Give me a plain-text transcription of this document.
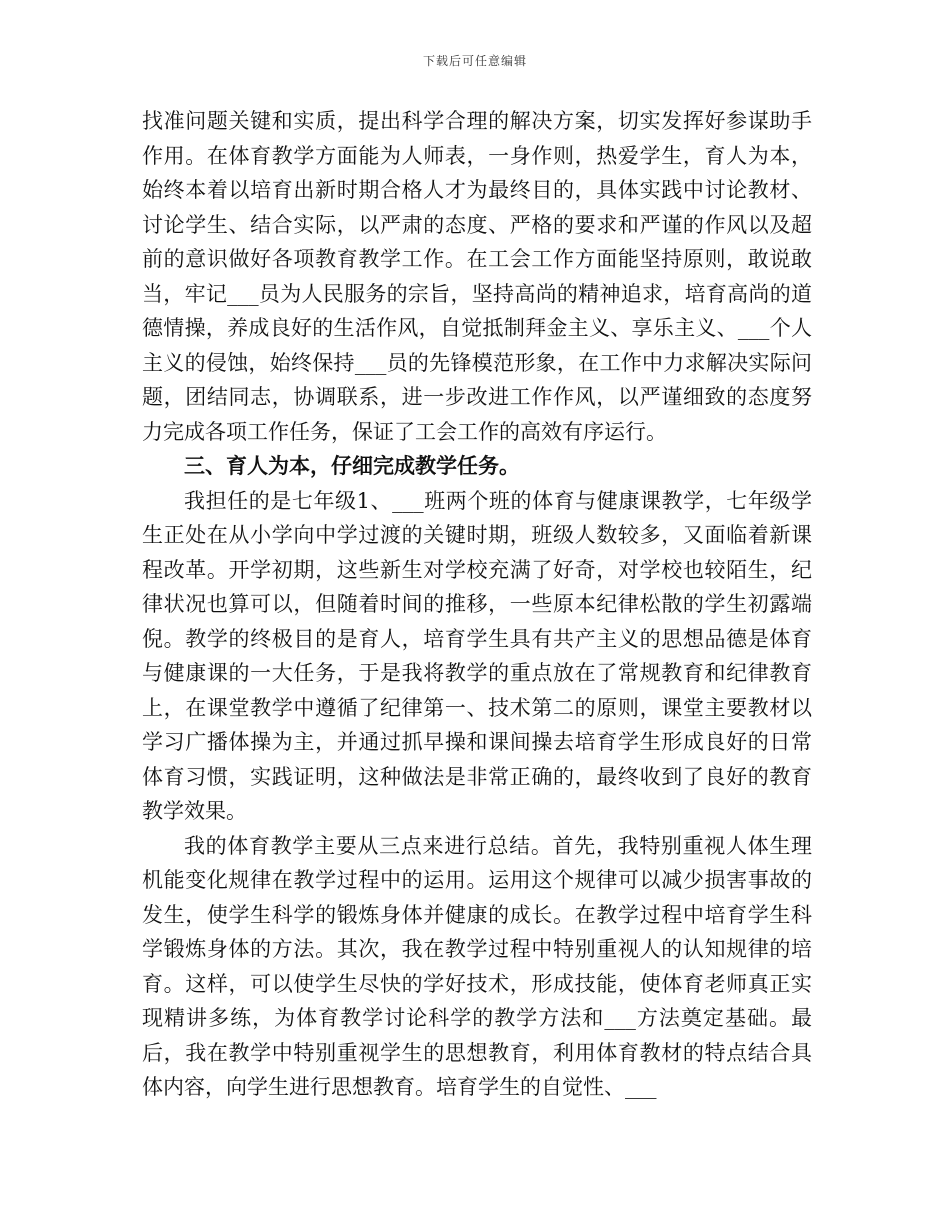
下载后可任意编辑

找准问题关键和实质，提出科学合理的解决方案，切实发挥好参谋助手作用。在体育教学方面能为人师表，一身作则，热爱学生，育人为本，始终本着以培育出新时期合格人才为最终目的，具体实践中讨论教材、讨论学生、结合实际，以严肃的态度、严格的要求和严谨的作风以及超前的意识做好各项教育教学工作。在工会工作方面能坚持原则，敢说敢当，牢记___员为人民服务的宗旨，坚持高尚的精神追求，培育高尚的道德情操，养成良好的生活作风，自觉抵制拜金主义、享乐主义、___个人主义的侵蚀，始终保持___员的先锋模范形象，在工作中力求解决实际问题，团结同志，协调联系，进一步改进工作作风，以严谨细致的态度努力完成各项工作任务，保证了工会工作的高效有序运行。

三、育人为本，仔细完成教学任务。

我担任的是七年级1、___班两个班的体育与健康课教学，七年级学生正处在从小学向中学过渡的关键时期，班级人数较多，又面临着新课程改革。开学初期，这些新生对学校充满了好奇，对学校也较陌生，纪律状况也算可以，但随着时间的推移，一些原本纪律松散的学生初露端倪。教学的终极目的是育人，培育学生具有共产主义的思想品德是体育与健康课的一大任务，于是我将教学的重点放在了常规教育和纪律教育上，在课堂教学中遵循了纪律第一、技术第二的原则，课堂主要教材以学习广播体操为主，并通过抓早操和课间操去培育学生形成良好的日常体育习惯，实践证明，这种做法是非常正确的，最终收到了良好的教育教学效果。

我的体育教学主要从三点来进行总结。首先，我特别重视人体生理机能变化规律在教学过程中的运用。运用这个规律可以减少损害事故的发生，使学生科学的锻炼身体并健康的成长。在教学过程中培育学生科学锻炼身体的方法。其次，我在教学过程中特别重视人的认知规律的培育。这样，可以使学生尽快的学好技术，形成技能，使体育老师真正实现精讲多练，为体育教学讨论科学的教学方法和___方法奠定基础。最后，我在教学中特别重视学生的思想教育，利用体育教材的特点结合具体内容，向学生进行思想教育。培育学生的自觉性、___
